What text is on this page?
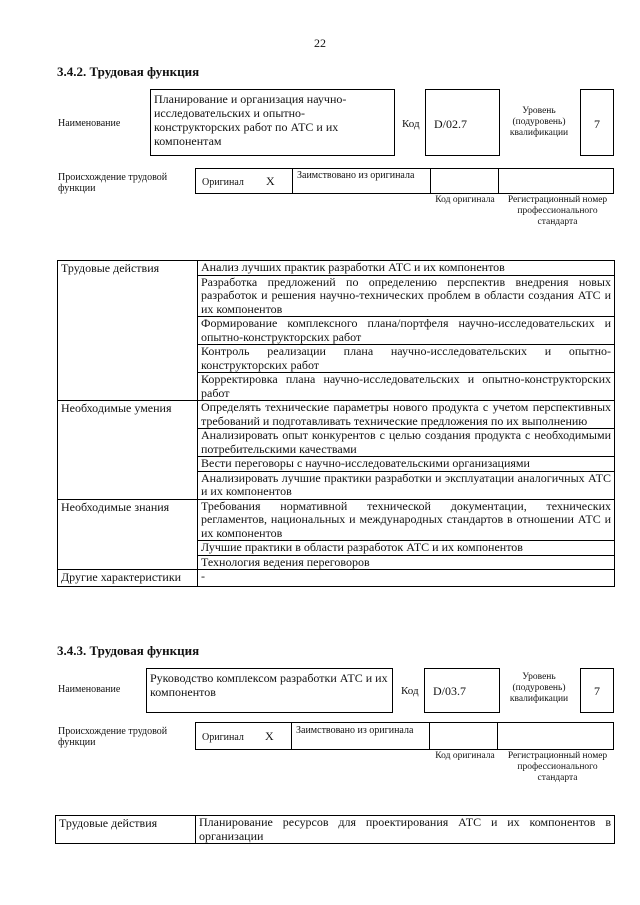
22
3.4.2. Трудовая функция
Наименование
Планирование и организация научно-исследовательских и опытно-конструкторских работ по АТС и их компонентам
Код	D/02.7
Уровень (подуровень) квалификации
7
Происхождение трудовой функции
Оригинал X Заимствовано из оригинала
Код оригинала	Регистрационный номер профессионального стандарта
Трудовые действия	Анализ лучших практик разработки АТС и их компонентов
	Разработка предложений по определению перспектив внедрения новых разработок и решения научно-технических проблем в области создания АТС и их компонентов
	Формирование комплексного плана/портфеля научно-исследовательских и опытно-конструкторских работ
	Контроль реализации плана научно-исследовательских и опытно-конструкторских работ
	Корректировка плана научно-исследовательских и опытно-конструкторских работ
Необходимые умения	Определять технические параметры нового продукта с учетом перспективных требований и подготавливать технические предложения по их выполнению
	Анализировать опыт конкурентов с целью создания продукта с необходимыми потребительскими качествами
	Вести переговоры с научно-исследовательскими организациями
	Анализировать лучшие практики разработки и эксплуатации аналогичных АТС и их компонентов
Необходимые знания	Требования нормативной технической документации, технических регламентов, национальных и международных стандартов в отношении АТС и их компонентов
	Лучшие практики в области разработок АТС и их компонентов
	Технология ведения переговоров
Другие характеристики	-
3.4.3. Трудовая функция
Наименование
Руководство комплексом разработки АТС и их компонентов	Код	D/03.7
Уровень (подуровень) квалификации
7
Происхождение трудовой функции	Оригинал X Заимствовано из оригинала
Код оригинала	Регистрационный номер профессионального стандарта
Трудовые действия	Планирование ресурсов для проектирования АТС и их компонентов в организации
